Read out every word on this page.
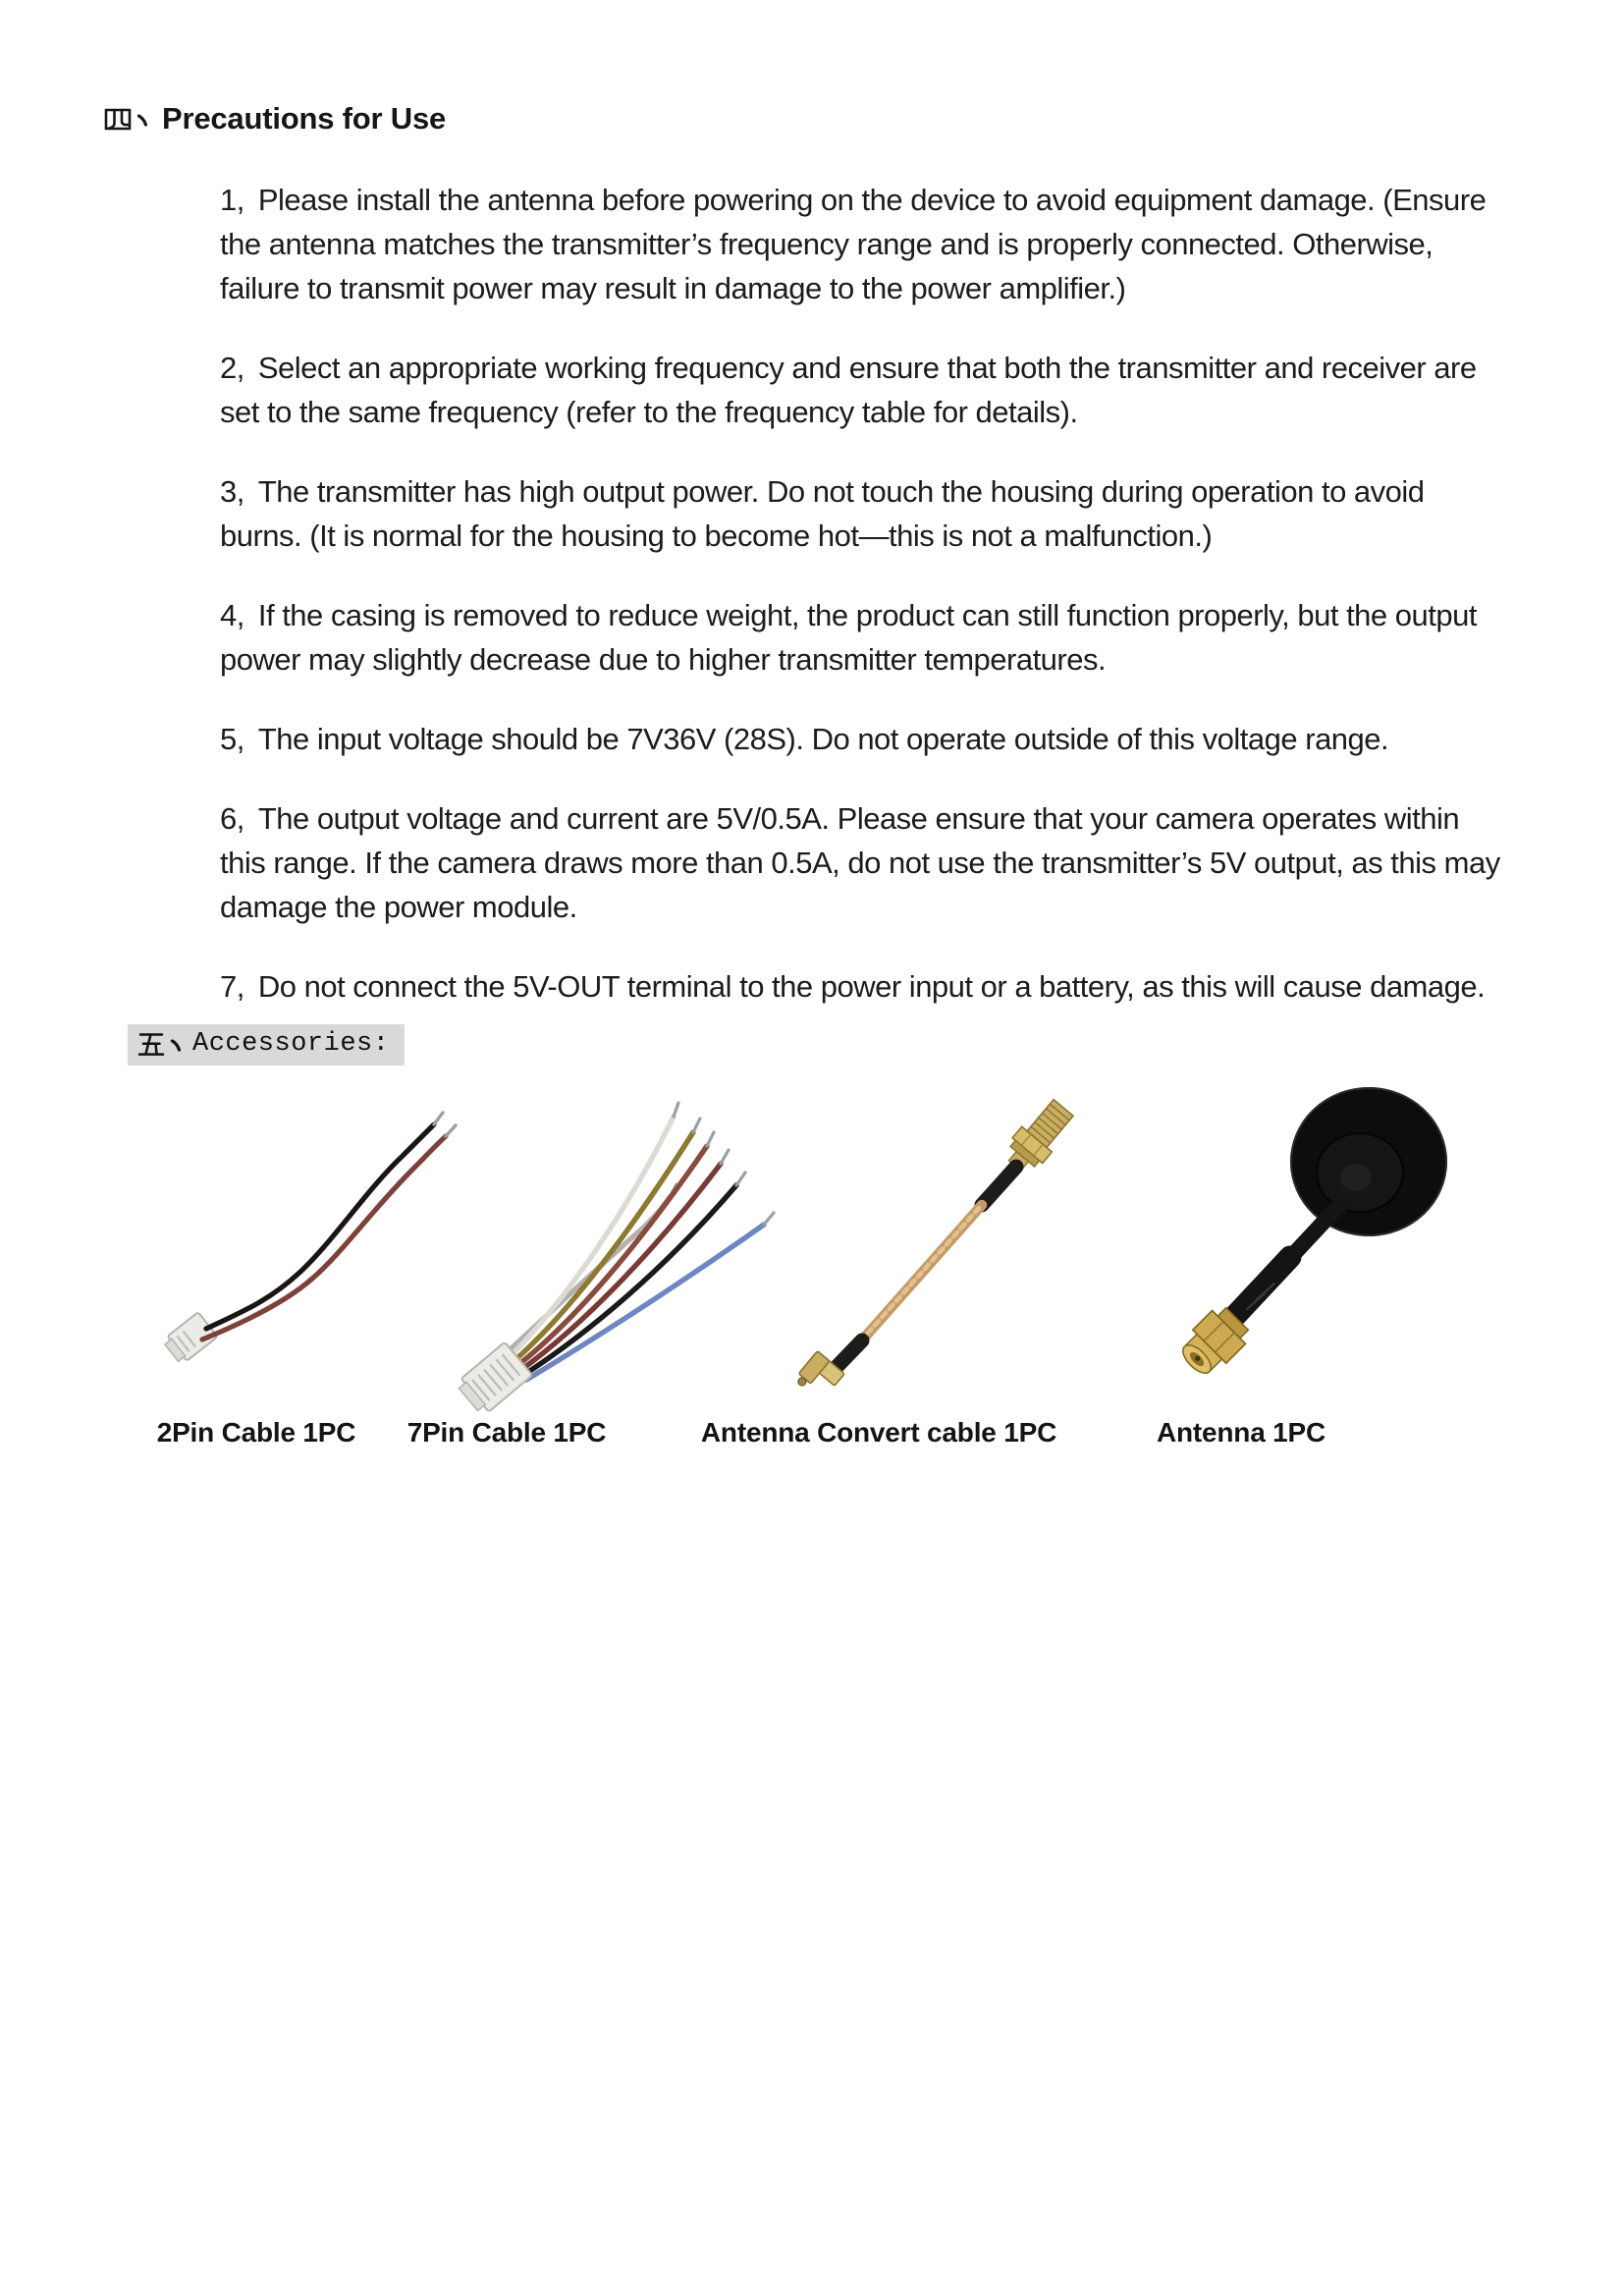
Precautions for Use

1, Please install the antenna before powering on the device to avoid equipment damage. (Ensure the antenna matches the transmitter’s frequency range and is properly connected. Otherwise, failure to transmit power may result in damage to the power amplifier.)

2, Select an appropriate working frequency and ensure that both the transmitter and receiver are set to the same frequency (refer to the frequency table for details).

3, The transmitter has high output power. Do not touch the housing during operation to avoid burns. (It is normal for the housing to become hot—this is not a malfunction.)

4, If the casing is removed to reduce weight, the product can still function properly, but the output power may slightly decrease due to higher transmitter temperatures.

5, The input voltage should be 7V36V (28S). Do not operate outside of this voltage range.

6, The output voltage and current are 5V/0.5A. Please ensure that your camera operates within this range. If the camera draws more than 0.5A, do not use the transmitter’s 5V output, as this may damage the power module.

7, Do not connect the 5V-OUT terminal to the power input or a battery, as this will cause damage.

Accessories:
2Pin Cable 1PC 7Pin Cable 1PC	Antenna Convert cable 1PC	Antenna 1PC
